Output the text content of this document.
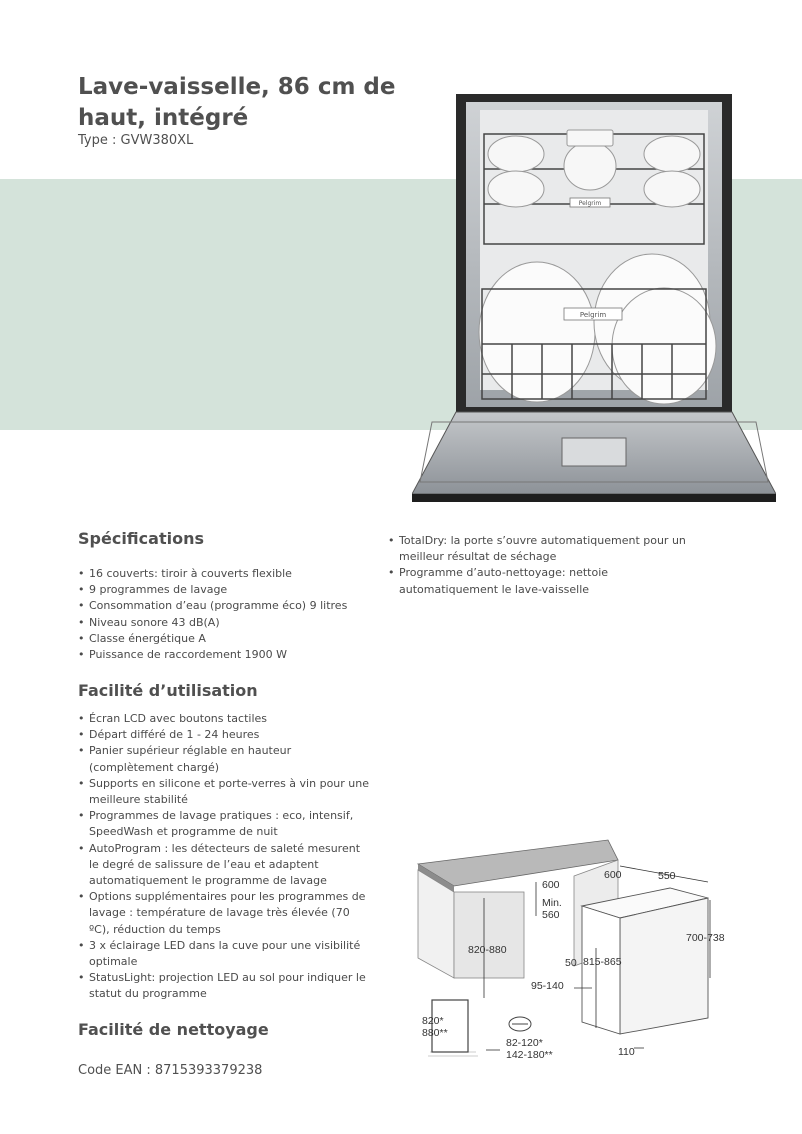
Lave-vaisselle, 86 cm de haut, intégré
Type : GVW380XL
Pelgrim
Pelgrim
Spécifications
• 16 couverts: tiroir à couverts flexible
• 9 programmes de lavage
• Consommation d’eau (programme éco) 9 litres
• Niveau sonore 43 dB(A)
• Classe énergétique A
• Puissance de raccordement 1900 W
Facilité d’utilisation
• Écran LCD avec boutons tactiles
• Départ différé de 1 - 24 heures
• Panier supérieur réglable en hauteur (complètement chargé)
• Supports en silicone et porte-verres à vin pour une meilleure stabilité
• Programmes de lavage pratiques : eco, intensif, SpeedWash et programme de nuit
• AutoProgram : les détecteurs de saleté mesurent le degré de salissure de l’eau et adaptent automatiquement le programme de lavage
• Options supplémentaires pour les programmes de lavage : température de lavage très élevée (70 ºC), réduction du temps
• 3 x éclairage LED dans la cuve pour une visibilité optimale
• StatusLight: projection LED au sol pour indiquer le statut du programme
Facilité de nettoyage
Code EAN : 8715393379238
• TotalDry: la porte s’ouvre automatiquement pour un meilleur résultat de séchage
• Programme d’auto-nettoyage: nettoie automatiquement le lave-vaisselle
600
600	550
Min.
560
820-880
700-738
50 815-865
95-140
820*
880**
82-120*
142-180**	110
